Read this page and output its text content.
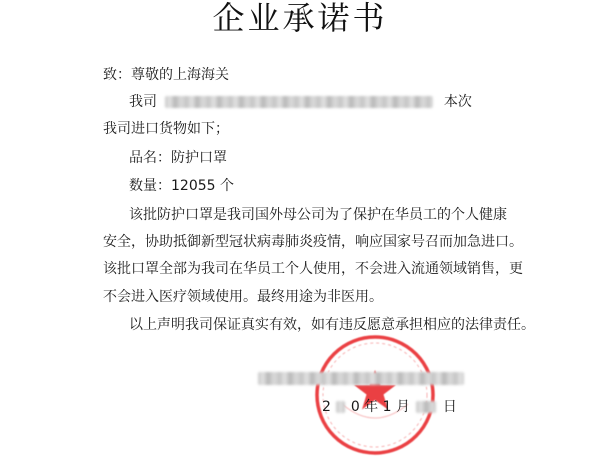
企业承诺书
致：尊敬的上海海关
我司	本次
我司进口货物如下；
品名：防护口罩
数量：12055 个
该批防护口罩是我司国外母公司为了保护在华员工的个人健康
安全，协助抵御新型冠状病毒肺炎疫情，响应国家号召而加急进口。
该批口罩全部为我司在华员工个人使用，不会进入流通领域销售，更
不会进入医疗领域使用。最终用途为非医用。
以上声明我司保证真实有效，如有违反愿意承担相应的法律责任。
2 0 年 1 月 日
